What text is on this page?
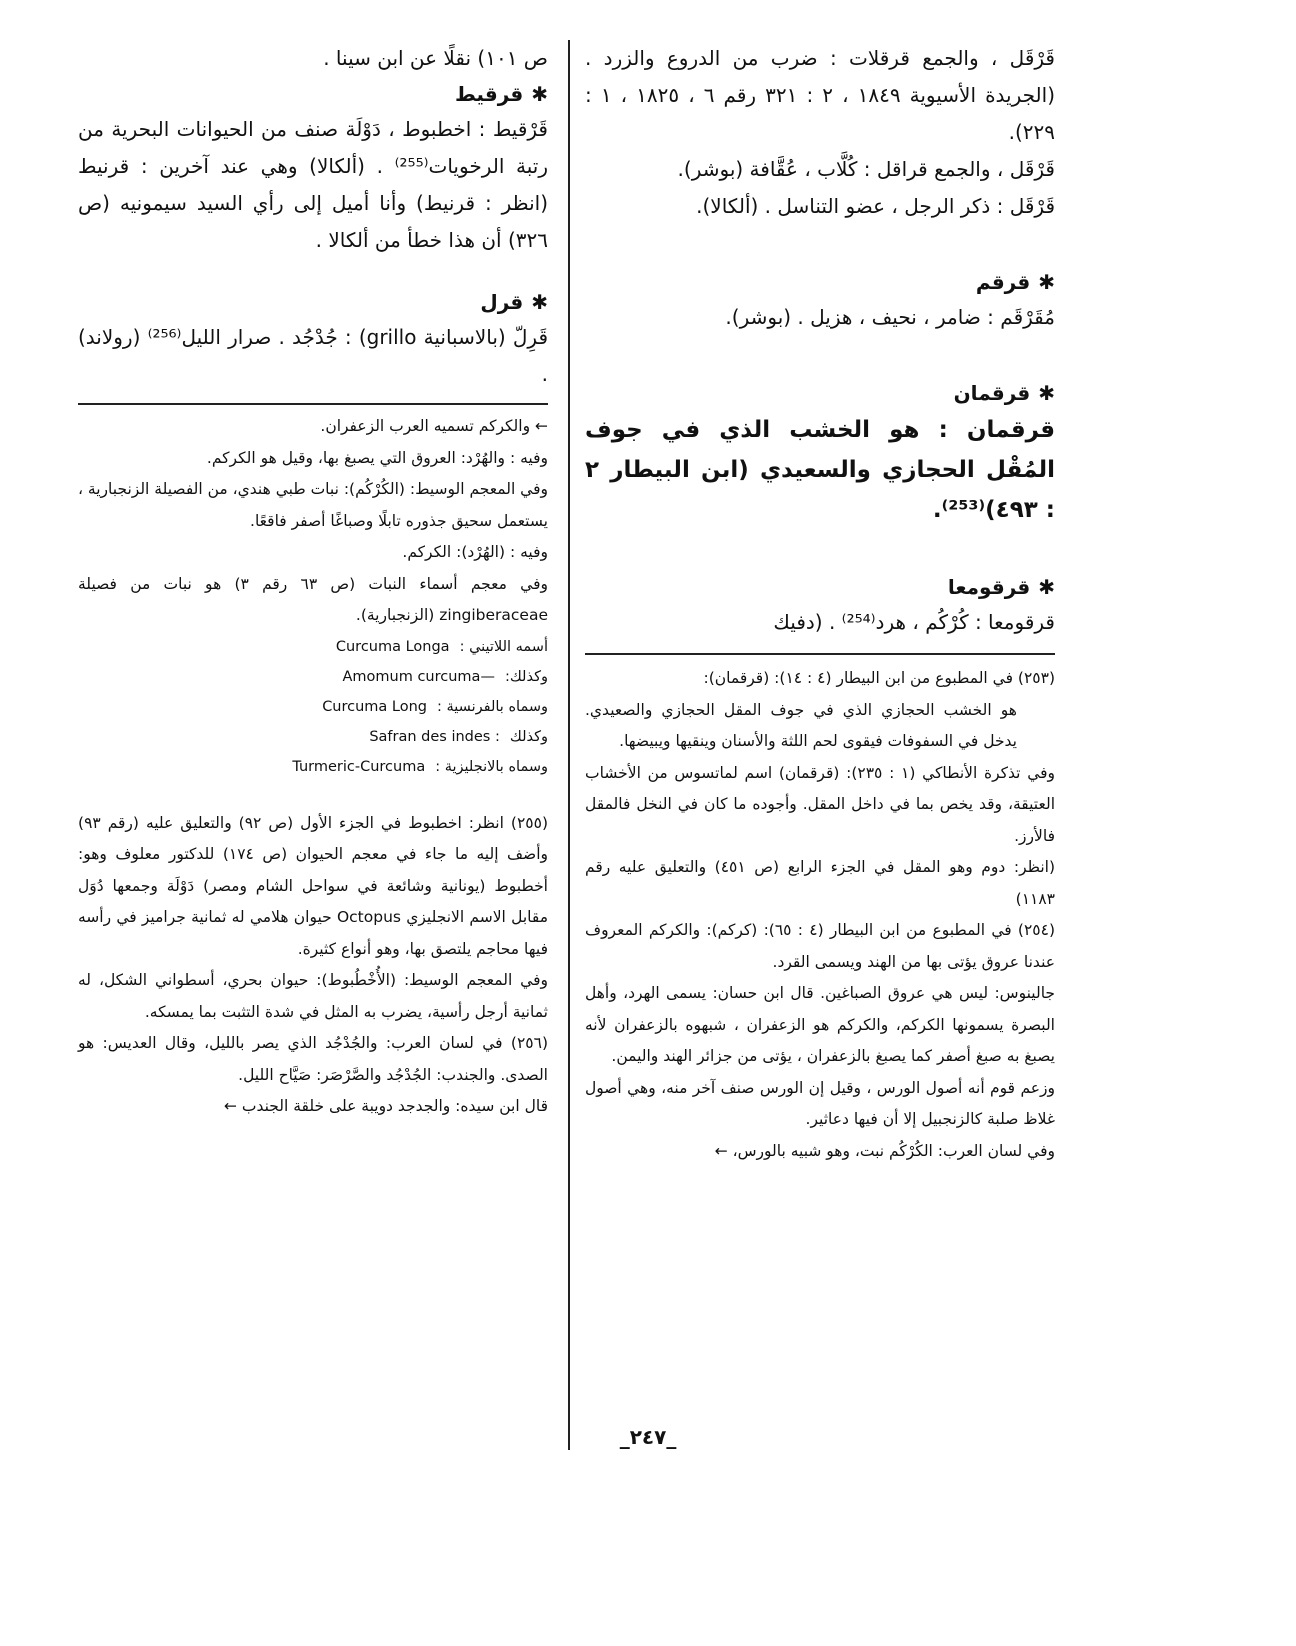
قَرْقَل ، والجمع قرقلات : ضرب من الدروع والزرد . (الجريدة الأسيوية ١٨٤٩ ، ٢ : ٣٢١ رقم ٦ ، ١٨٢٥ ، ١ : ٢٢٩).

قَرْقَل ، والجمع قراقل : كُلَّاب ، عُقَّافة (بوشر).

قَرْقَل : ذكر الرجل ، عضو التناسل . (ألكالا).

✱قرقم

مُقَرْقَم : ضامر ، نحيف ، هزيل . (بوشر).

✱قرقمان

قرقمان : هو الخشب الذي في جوف المُقْل الحجازي والسعيدي (ابن البيطار ٢ : ٤٩٣)⁽²⁵³⁾.

✱قرقومعا

قرقومعا : كُرْكُم ، هرد⁽²⁵⁴⁾ . (دفيك

(٢٥٣) في المطبوع من ابن البيطار (٤ : ١٤): (قرقمان):

هو الخشب الحجازي الذي في جوف المقل الحجازي والصعيدي. يدخل في السفوفات فيقوى لحم اللثة والأسنان وينقيها ويبيضها.

وفي تذكرة الأنطاكي (١ : ٢٣٥): (قرقمان) اسم لماتسوس من الأخشاب العتيقة، وقد يخص بما في داخل المقل. وأجوده ما كان في النخل فالمقل فالأرز.

(انظر: دوم وهو المقل في الجزء الرابع (ص ٤٥١) والتعليق عليه رقم ١١٨٣)

(٢٥٤) في المطبوع من ابن البيطار (٤ : ٦٥): (كركم): والكركم المعروف عندنا عروق يؤتى بها من الهند ويسمى القرد.

جالينوس: ليس هي عروق الصباغين. قال ابن حسان: يسمى الهرد، وأهل البصرة يسمونها الكركم، والكركم هو الزعفران ، شبهوه بالزعفران لأنه يصبغ به صبغ أصفر كما يصبغ بالزعفران ، يؤتى من جزائر الهند واليمن.

وزعم قوم أنه أصول الورس ، وقيل إن الورس صنف آخر منه، وهي أصول غلاظ صلبة كالزنجبيل إلا أن فيها دعاثير.

وفي لسان العرب: الكُرْكُم نبت، وهو شبيه بالورس، ←

ص ١٠١) نقلًا عن ابن سينا .

✱قرقيط

قَرْقيط : اخطبوط ، دَوْلَة صنف من الحيوانات البحرية من رتبة الرخويات⁽²⁵⁵⁾ . (ألكالا) وهي عند آخرين : قرنيط (انظر : قرنيط) وأنا أميل إلى رأي السيد سيمونيه (ص ٣٢٦) أن هذا خطأ من ألكالا .

✱قرل

قَرِلّ (بالاسبانية grillo) : جُدْجُد . صرار الليل⁽²⁵⁶⁾ (رولاند) .

← والكركم تسميه العرب الزعفران.

وفيه : والهُرْد: العروق التي يصبغ بها، وقيل هو الكركم.

وفي المعجم الوسيط: (الكُرْكُم): نبات طبي هندي، من الفصيلة الزنجبارية ، يستعمل سحيق جذوره تابلًا وصباغًا أصفر فاقعًا.

وفيه : (الهُرْد): الكركم.

وفي معجم أسماء النبات (ص ٦٣ رقم ٣) هو نبات من فصيلة zingiberaceae (الزنجبارية).

أسمه اللاتيني :
Curcuma Longa
وكذلك:
Amomum curcuma—
وسماه بالفرنسية :
Curcuma Long
وكذلك
Safran des indes :
وسماه بالانجليزية :
Turmeric-Curcuma

(٢٥٥) انظر: اخطبوط في الجزء الأول (ص ٩٢) والتعليق عليه (رقم ٩٣) وأضف إليه ما جاء في معجم الحيوان (ص ١٧٤) للدكتور معلوف وهو: أخطبوط (يونانية وشائعة في سواحل الشام ومصر) دَوْلَة وجمعها دُوَل مقابل الاسم الانجليزي Octopus حيوان هلامي له ثمانية جراميز في رأسه فيها محاجم يلتصق بها، وهو أنواع كثيرة.

وفي المعجم الوسيط: (الأُخْطُبوط): حيوان بحري، أسطواني الشكل، له ثمانية أرجل رأسية، يضرب به المثل في شدة التثبت بما يمسكه.

(٢٥٦) في لسان العرب: والجُدْجُد الذي يصر بالليل، وقال العديس: هو الصدى. والجندب: الجُدْجُد والصَّرْصَر: صَيَّاح الليل.

قال ابن سيده: والجدجد دويبة على خلقة الجندب ←

_٢٤٧_
